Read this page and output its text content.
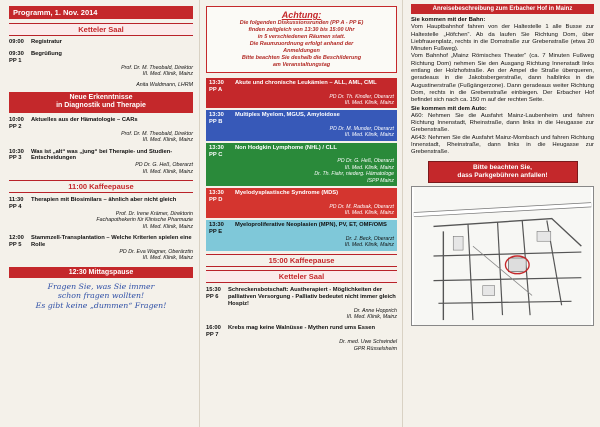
Programm, 1. Nov. 2014
Ketteler Saal
09:00	Registratur
09:30
PP 1
Begrüßung
Prof. Dr. M. Theobald, Direktor
III. Med. Klinik, Mainz
Anita Waldmann, LHRM
Neue Erkenntnisse
in Diagnostik und Therapie
10:00
PP 2
Aktuelles aus der Hämatologie – CARs
Prof. Dr. M. Theobald, Direktor
III. Med. Klinik, Mainz
10:30
PP 3
Was ist „alt“ was „jung“ bei Therapie- und Studien-Entscheidungen
PD Dr. G. Heß, Oberarzt
III. Med. Klinik, Mainz
11:00 Kaffeepause
11:30
PP 4
Therapien mit Biosimilars – ähnlich aber nicht gleich
Prof. Dr. Irene Krämer, Direktorin
Fachapothekerin für Klinische Pharmazie
III. Med. Klinik, Mainz
12:00
PP 5
Stammzell-Transplantation – Welche Kriterien spielen eine Rolle
PD Dr. Eva Wagner, Oberärztin
III. Med. Klinik, Mainz
12:30 Mittagspause
Fragen Sie, was Sie immer
schon fragen wollten!
Es gibt keine „dummen“ Fragen!
Achtung:
Die folgenden Diskussionsrunden (PP A - PP E)
finden zeitgleich von 13:30 bis 15:00 Uhr
in 5 verschiedenen Räumen statt.
Die Raumzuordnung erfolgt anhand der
Anmeldungen
Bitte beachten Sie deshalb die Beschilderung
am Veranstaltungstag
13:30
PP A
Akute und chronische Leukämien – ALL, AML, CML
PD Dr. Th. Kindler, Oberarzt
III. Med. Klinik, Mainz
13:30
PP B
Multiples Myelom, MGUS, Amyloidose
PD Dr. M. Munder, Oberarzt
III. Med. Klinik, Mainz
13:30
PP C
Non Hodgkin Lymphome (NHL) / CLL
PD Dr. G. Heß, Oberarzt
III. Med. Klinik, Mainz
Dr. Th. Fiahr, niederg. Hämatologe
ISPP Mainz
13:30
PP D
Myelodysplastische Syndrome (MDS)
PD Dr. M. Radsak, Oberarzt
III. Med. Klinik, Mainz
13:30
PP E
Myeloproliferative Neoplasien (MPN), PV, ET, OMF/OMS
Dr. J. Beck, Oberarzt
III. Med. Klinik, Mainz
15:00 Kaffeepause
Ketteler Saal
15:30
PP 6
Schreckensbotschaft: Austherapiert - Möglichkeiten der palliativen Versorgung - Palliativ bedeutet nicht immer gleich Hospiz!
Dr. Anne Hopprich
III. Med. Klinik, Mainz
16:00
PP 7
Krebs mag keine Walnüsse - Mythen rund ums Essen
Dr. med. Uwe Schwindel
GPR Rüsselsheim
Anreisebeschreibung zum Erbacher Hof in Mainz
Sie kommen mit der Bahn:
Vom Hauptbahnhof fahren von der Haltestelle 1 alle Busse zur Haltestelle „Höfchen“. Ab da laufen Sie Richtung Dom, über Liebfrauenplatz, rechts in die Domstraße zur Grebenstraße (etwa 20 Minuten Fußweg).
Vom Bahnhof „Mainz Römisches Theater“ (ca. 7 Minuten Fußweg Richtung Dom) nehmen Sie den Ausgang Richtung Innenstadt links entlang der Holzhofstraße. An der Ampel die Straße überqueren, geradeaus in die Jakobsbergerstraße, dann halblinks in die Augustinerstraße (Fußgängerzone). Dann geradeaus weiter Richtung Dom, rechts in die Grebenstraße einbiegen. Der Erbacher Hof befindet sich nach ca. 150 m auf der rechten Seite.
Sie kommen mit dem Auto:
A60: Nehmen Sie die Ausfahrt Mainz-Laubenheim und fahren Richtung Innenstadt, Rheinstraße, dann links in die Heugasse zur Grebenstraße.
A643: Nehmen Sie die Ausfahrt Mainz-Mombach und fahren Richtung Innenstadt, Rheinstraße, dann links in die Heugasse zur Grebenstraße.
Bitte beachten Sie,
dass Parkgebühren anfallen!
